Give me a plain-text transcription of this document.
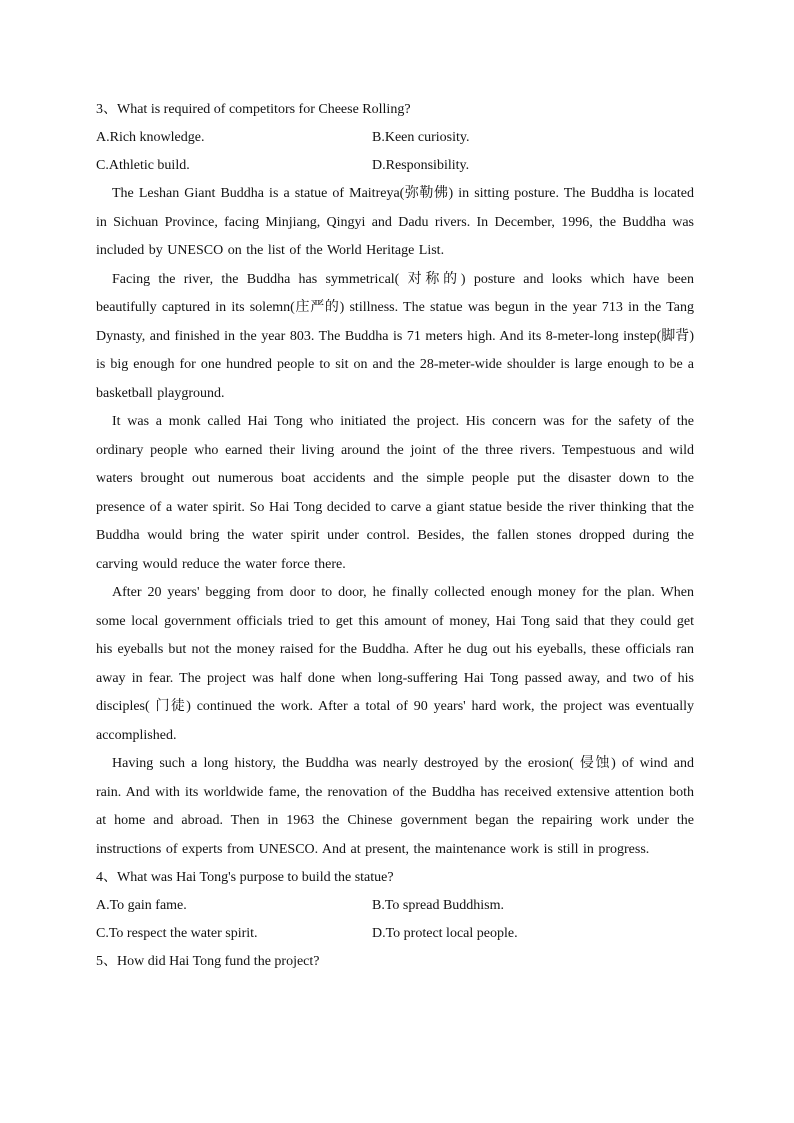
3、What is required of competitors for Cheese Rolling?
A.Rich knowledge.	B.Keen curiosity.
C.Athletic build.	D.Responsibility.

The Leshan Giant Buddha is a statue of Maitreya(弥勒佛) in sitting posture. The Buddha is located in Sichuan Province, facing Minjiang, Qingyi and Dadu rivers. In December, 1996, the Buddha was included by UNESCO on the list of the World Heritage List.

Facing the river, the Buddha has symmetrical( 对称的) posture and looks which have been beautifully captured in its solemn(庄严的) stillness. The statue was begun in the year 713 in the Tang Dynasty, and finished in the year 803. The Buddha is 71 meters high. And its 8-meter-long instep(脚背) is big enough for one hundred people to sit on and the 28-meter-wide shoulder is large enough to be a basketball playground.

It was a monk called Hai Tong who initiated the project. His concern was for the safety of the ordinary people who earned their living around the joint of the three rivers. Tempestuous and wild waters brought out numerous boat accidents and the simple people put the disaster down to the presence of a water spirit. So Hai Tong decided to carve a giant statue beside the river thinking that the Buddha would bring the water spirit under control. Besides, the fallen stones dropped during the carving would reduce the water force there.

After 20 years' begging from door to door, he finally collected enough money for the plan. When some local government officials tried to get this amount of money, Hai Tong said that they could get his eyeballs but not the money raised for the Buddha. After he dug out his eyeballs, these officials ran away in fear. The project was half done when long-suffering Hai Tong passed away, and two of his disciples( 门徒) continued the work. After a total of 90 years' hard work, the project was eventually accomplished.

Having such a long history, the Buddha was nearly destroyed by the erosion( 侵蚀) of wind and rain. And with its worldwide fame, the renovation of the Buddha has received extensive attention both at home and abroad. Then in 1963 the Chinese government began the repairing work under the instructions of experts from UNESCO. And at present, the maintenance work is still in progress.

4、What was Hai Tong's purpose to build the statue?
A.To gain fame.	B.To spread Buddhism.
C.To respect the water spirit.	D.To protect local people.
5、How did Hai Tong fund the project?
